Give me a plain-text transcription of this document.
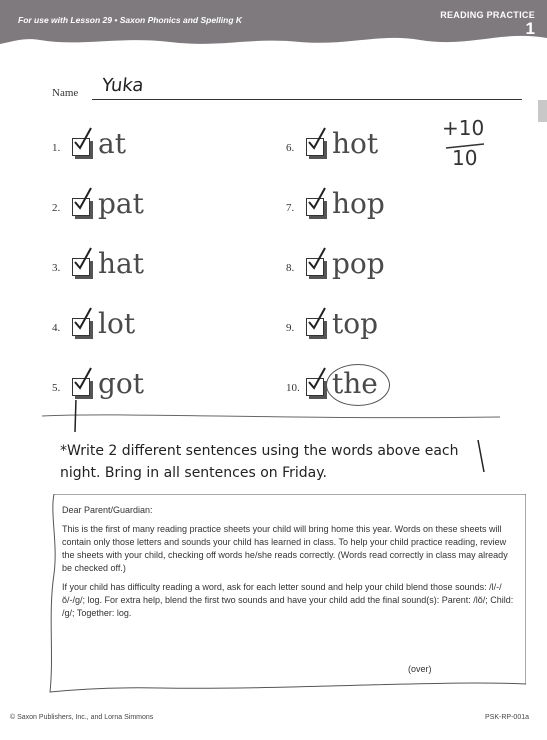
For use with Lesson 29 • Saxon Phonics and Spelling K	READING PRACTICE
1
Name Yuka
1. at
2. pat
3. hat
4. lot
5. got
6. hot
7. hop
8. pop
9. top
10. the
+10
10
*Write 2 different sentences using the words above each night. Bring in all sentences on Friday.

Dear Parent/Guardian:

This is the first of many reading practice sheets your child will bring home this year. Words on these sheets will contain only those letters and sounds your child has learned in class. To help your child practice reading, review the sheets with your child, checking off words he/she reads correctly. (Words read correctly in class may already be checked off.)

If your child has difficulty reading a word, ask for each letter sound and help your child blend those sounds: /l/-/ŏ/-/g/; log. For extra help, blend the first two sounds and have your child add the final sound(s): Parent: /lŏ/; Child: /g/; Together: log.

(over)
© Saxon Publishers, Inc., and Lorna Simmons	PSK-RP-001a
